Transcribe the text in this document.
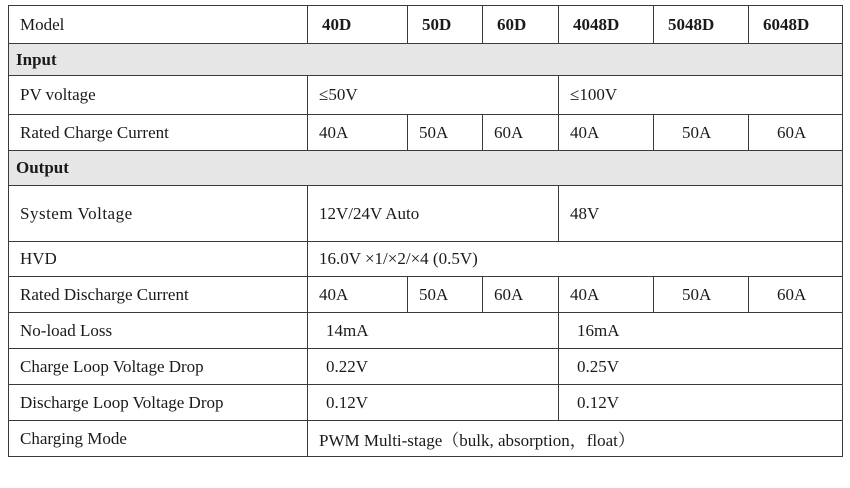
Model	40D	50D	60D	4048D	5048D	6048D
Input						
PV voltage	≤50V			≤100V		
Rated Charge Current	40A	50A	60A	40A	50A	60A
Output						
System Voltage	12V/24V Auto			48V		
HVD	16.0V ×1/×2/×4 (0.5V)					
Rated Discharge Current	40A	50A	60A	40A	50A	60A
No-load Loss	14mA			16mA		
Charge Loop Voltage Drop	0.22V			0.25V		
Discharge Loop Voltage Drop	0.12V			0.12V		
Charging Mode	PWM Multi-stage（bulk, absorption，float）					
